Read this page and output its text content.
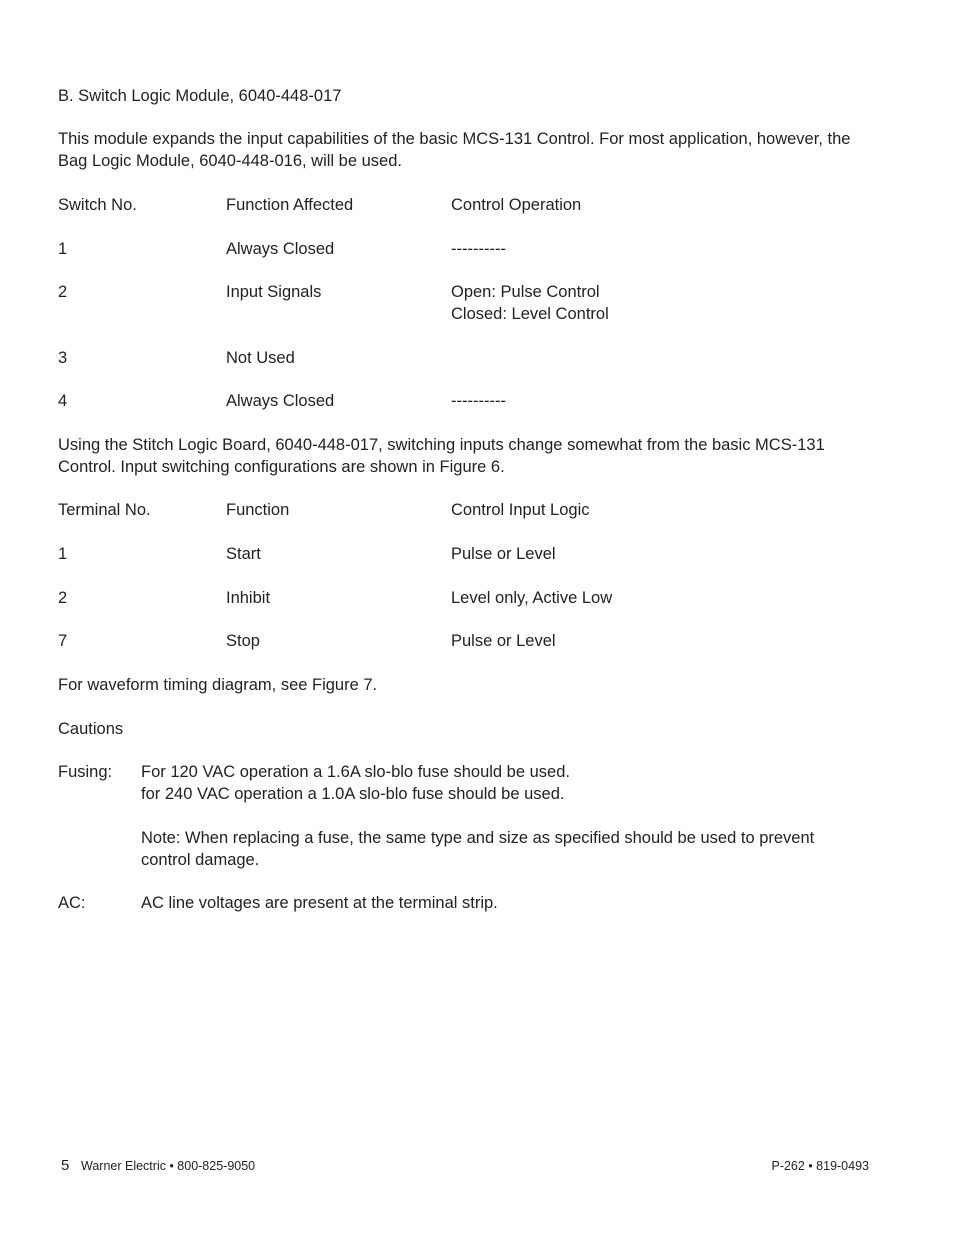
B. Switch Logic Module, 6040-448-017
This module expands the input capabilities of the basic MCS-131 Control. For most application, however, the
Bag Logic Module, 6040-448-016, will be used.
Switch No.	Function Affected	Control Operation
1	Always Closed	----------
2	Input Signals	Open: Pulse Control
Closed: Level Control
3	Not Used
4	Always Closed	----------
Using the Stitch Logic Board, 6040-448-017, switching inputs change somewhat from the basic MCS-131
Control. Input switching configurations are shown in Figure 6.
Terminal No.	Function	Control Input Logic
1	Start	Pulse or Level
2	Inhibit	Level only, Active Low
7	Stop	Pulse or Level
For waveform timing diagram, see Figure 7.
Cautions
Fusing: For 120 VAC operation a 1.6A slo-blo fuse should be used.
for 240 VAC operation a 1.0A slo-blo fuse should be used.
Note: When replacing a fuse, the same type and size as specified should be used to prevent
control damage.
AC:	AC line voltages are present at the terminal strip.
5 Warner Electric • 800-825-9050	P-262 • 819-0493
